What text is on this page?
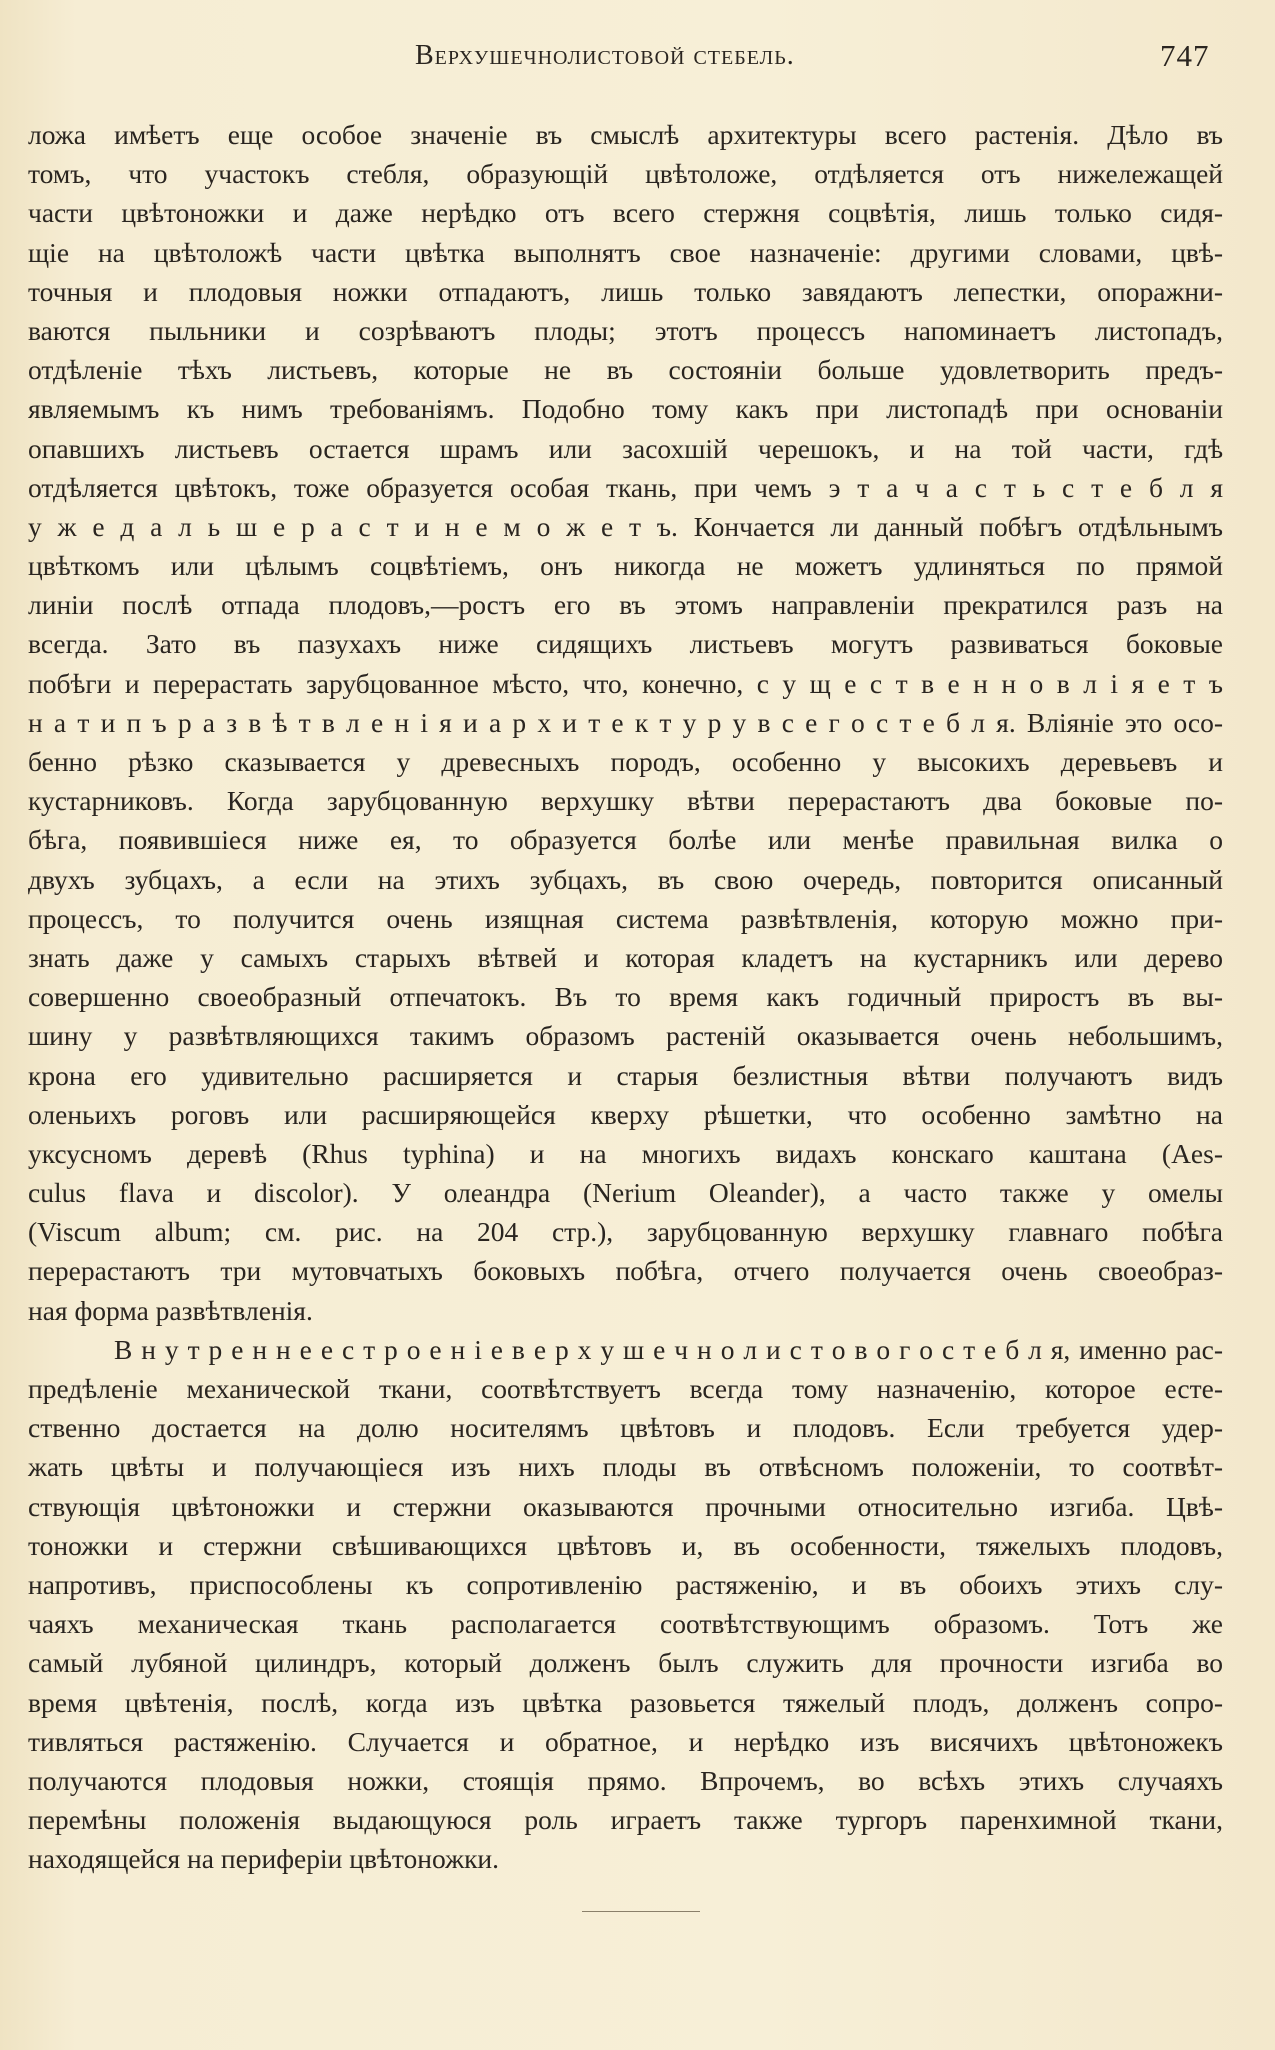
Верхушечнолистовой стебель.	747
ложа имѣетъ еще особое значеніе въ смыслѣ архитектуры всего растенія. Дѣло въ
томъ, что участокъ стебля, образующій цвѣтоложе, отдѣляется отъ нижележащей
части цвѣтоножки и даже нерѣдко отъ всего стержня соцвѣтія, лишь только сидя-
щіе на цвѣтоложѣ части цвѣтка выполнятъ свое назначеніе: другими словами, цвѣ-
точныя и плодовыя ножки отпадаютъ, лишь только завядаютъ лепестки, опоражни-
ваются пыльники и созрѣваютъ плоды; этотъ процессъ напоминаетъ листопадъ,
отдѣленіе тѣхъ листьевъ, которые не въ состояніи больше удовлетворить предъ-
являемымъ къ нимъ требованіямъ. Подобно тому какъ при листопадѣ при основаніи
опавшихъ листьевъ остается шрамъ или засохшій черешокъ, и на той части, гдѣ
отдѣляется цвѣтокъ, тоже образуется особая ткань, при чемъ э т а ч а с т ь с т е б л я
у ж е д а л ь ш е р а с т и н е м о ж е т ъ. Кончается ли данный побѣгъ отдѣльнымъ
цвѣткомъ или цѣлымъ соцвѣтіемъ, онъ никогда не можетъ удлиняться по прямой
линіи послѣ отпада плодовъ,—ростъ его въ этомъ направленіи прекратился разъ на
всегда. Зато въ пазухахъ ниже сидящихъ листьевъ могутъ развиваться боковые
побѣги и перерастать зарубцованное мѣсто, что, конечно, с у щ е с т в е н н о в л і я е т ъ
н а т и п ъ р а з в ѣ т в л е н і я и а р х и т е к т у р у в с е г о с т е б л я. Вліяніе это осо-
бенно рѣзко сказывается у древесныхъ породъ, особенно у высокихъ деревьевъ и
кустарниковъ. Когда зарубцованную верхушку вѣтви перерастаютъ два боковые по-
бѣга, появившіеся ниже ея, то образуется болѣе или менѣе правильная вилка о
двухъ зубцахъ, а если на этихъ зубцахъ, въ свою очередь, повторится описанный
процессъ, то получится очень изящная система развѣтвленія, которую можно при-
знать даже у самыхъ старыхъ вѣтвей и которая кладетъ на кустарникъ или дерево
совершенно своеобразный отпечатокъ. Въ то время какъ годичный приростъ въ вы-
шину у развѣтвляющихся такимъ образомъ растеній оказывается очень небольшимъ,
крона его удивительно расширяется и старыя безлистныя вѣтви получаютъ видъ
оленьихъ роговъ или расширяющейся кверху рѣшетки, что особенно замѣтно на
уксусномъ деревѣ (Rhus typhina) и на многихъ видахъ конскаго каштана (Aes-
culus flava и discolor). У олеандра (Nerium Oleander), а часто также у омелы
(Viscum album; см. рис. на 204 стр.), зарубцованную верхушку главнаго побѣга
перерастаютъ три мутовчатыхъ боковыхъ побѣга, отчего получается очень своеобраз-
ная форма развѣтвленія.
В н у т р е н н е е с т р о е н і е в е р х у ш е ч н о л и с т о в о г о с т е б л я, именно рас-
предѣленіе механической ткани, соотвѣтствуетъ всегда тому назначенію, которое есте-
ственно достается на долю носителямъ цвѣтовъ и плодовъ. Если требуется удер-
жать цвѣты и получающіеся изъ нихъ плоды въ отвѣсномъ положеніи, то соотвѣт-
ствующія цвѣтоножки и стержни оказываются прочными относительно изгиба. Цвѣ-
тоножки и стержни свѣшивающихся цвѣтовъ и, въ особенности, тяжелыхъ плодовъ,
напротивъ, приспособлены къ сопротивленію растяженію, и въ обоихъ этихъ слу-
чаяхъ механическая ткань располагается соотвѣтствующимъ образомъ. Тотъ же
самый лубяной цилиндръ, который долженъ былъ служить для прочности изгиба во
время цвѣтенія, послѣ, когда изъ цвѣтка разовьется тяжелый плодъ, долженъ сопро-
тивляться растяженію. Случается и обратное, и нерѣдко изъ висячихъ цвѣтоножекъ
получаются плодовыя ножки, стоящія прямо. Впрочемъ, во всѣхъ этихъ случаяхъ
перемѣны положенія выдающуюся роль играетъ также тургоръ паренхимной ткани,
находящейся на периферіи цвѣтоножки.
